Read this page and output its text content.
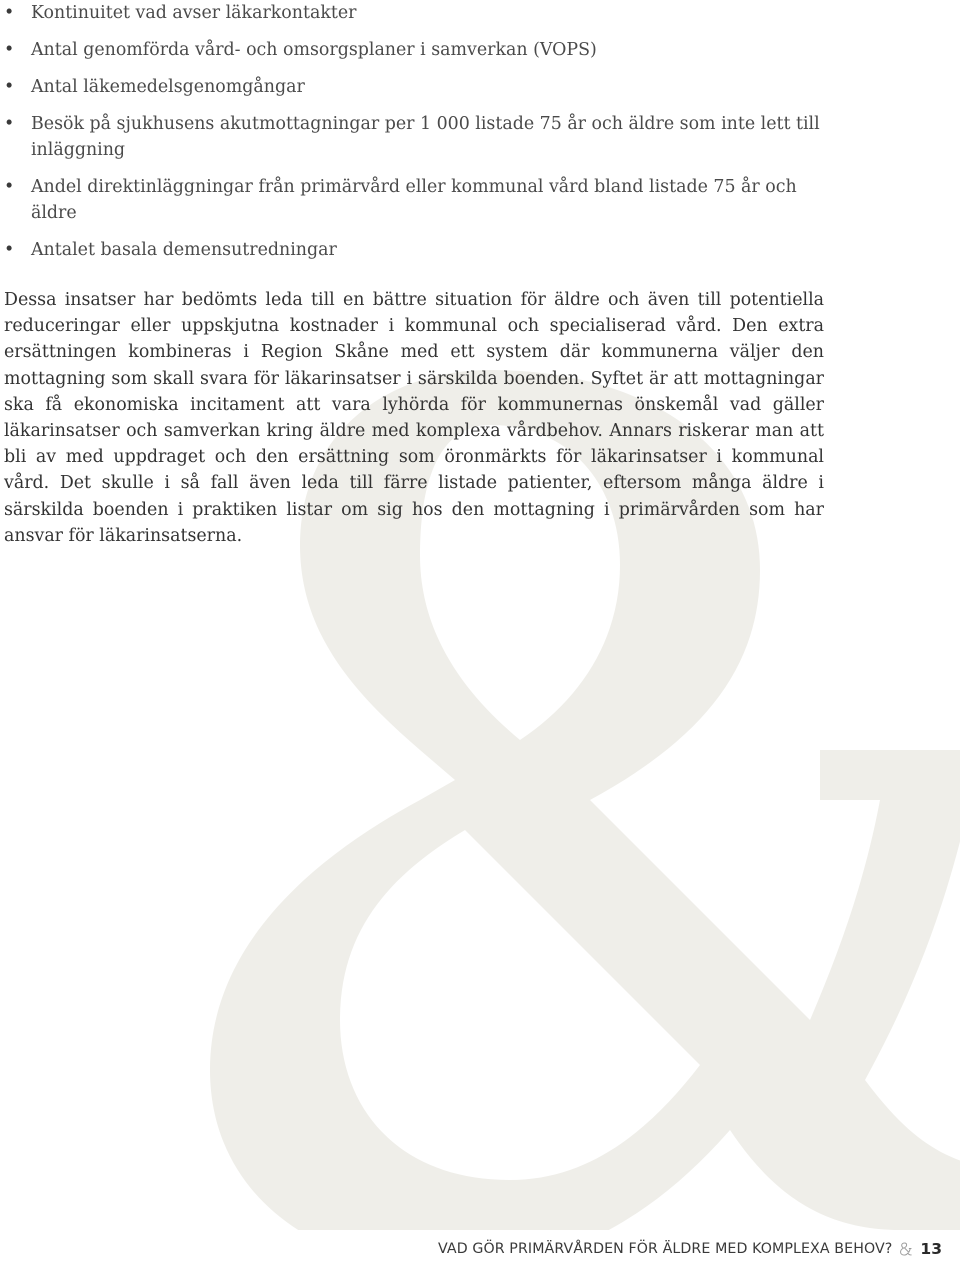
• Kontinuitet vad avser läkarkontakter
• Antal genomförda vård- och omsorgsplaner i samverkan (VOPS)
• Antal läkemedelsgenomgångar
• Besök på sjukhusens akutmottagningar per 1 000 listade 75 år och äldre som inte lett till inläggning
• Andel direktinläggningar från primärvård eller kommunal vård bland listade 75 år och äldre
• Antalet basala demensutredningar

Dessa insatser har bedömts leda till en bättre situation för äldre och även till potentiella reduceringar eller uppskjutna kostnader i kommunal och specialiserad vård. Den extra ersättningen kombineras i Region Skåne med ett system där kommunerna väljer den mottagning som skall svara för läkarinsatser i särskilda boenden. Syftet är att mottagningar ska få ekonomiska incitament att vara lyhörda för kommunernas önskemål vad gäller läkarinsatser och samverkan kring äldre med komplexa vårdbehov. Annars riskerar man att bli av med uppdraget och den ersättning som öronmärkts för läkarinsatser i kommunal vård. Det skulle i så fall även leda till färre listade patienter, eftersom många äldre i särskilda boenden i praktiken listar om sig hos den mottagning i primärvården som har ansvar för läkarinsatserna.

VAD GÖR PRIMÄRVÅRDEN FÖR ÄLDRE MED KOMPLEXA BEHOV? 13
